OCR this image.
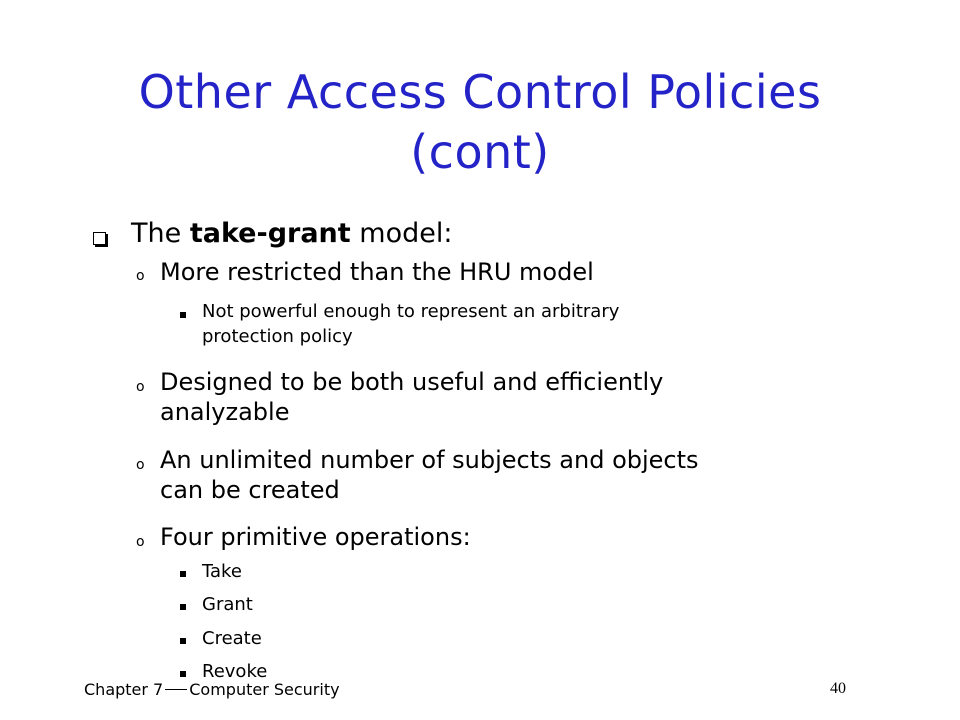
Other Access Control Policies
(cont)
The take-grant model:
o More restricted than the HRU model
Not powerful enough to represent an arbitrary
protection policy
o Designed to be both useful and efficiently
analyzable
o An unlimited number of subjects and objects
can be created
o Four primitive operations:
Take
Grant
Create
Revoke
Chapter 7 Computer Security	40
